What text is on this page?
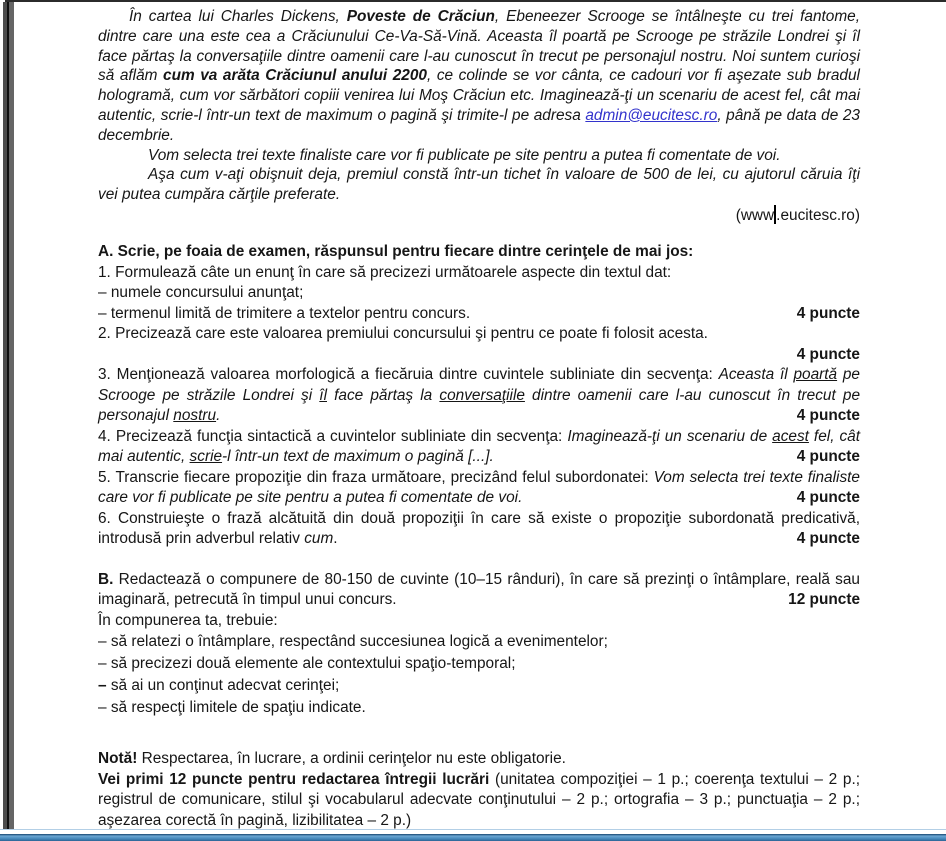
În cartea lui Charles Dickens, Poveste de Crăciun, Ebeneezer Scrooge se întâlneşte cu trei fantome, dintre care una este cea a Crăciunului Ce-Va-Să-Vină. Aceasta îl poartă pe Scrooge pe străzile Londrei şi îl face părtaş la conversaţiile dintre oamenii care l-au cunoscut în trecut pe personajul nostru. Noi suntem curioşi să aflăm cum va arăta Crăciunul anului 2200, ce colinde se vor cânta, ce cadouri vor fi aşezate sub bradul hologramă, cum vor sărbători copiii venirea lui Moş Crăciun etc. Imaginează-ţi un scenariu de acest fel, cât mai autentic, scrie-l într-un text de maximum o pagină şi trimite-l pe adresa admin@eucitesc.ro, până pe data de 23 decembrie.
Vom selecta trei texte finaliste care vor fi publicate pe site pentru a putea fi comentate de voi.
Aşa cum v-aţi obişnuit deja, premiul constă într-un tichet în valoare de 500 de lei, cu ajutorul căruia îţi vei putea cumpăra cărţile preferate.
(www .eucitesc.ro)
A. Scrie, pe foaia de examen, răspunsul pentru fiecare dintre cerinţele de mai jos:
1. Formulează câte un enunţ în care să precizezi următoarele aspecte din textul dat:
– numele concursului anunţat;
– termenul limită de trimitere a textelor pentru concurs.	4 puncte
2. Precizează care este valoarea premiului concursului şi pentru ce poate fi folosit acesta.
4 puncte
3. Menţionează valoarea morfologică a fiecăruia dintre cuvintele subliniate din secvenţa: Aceasta îl poartă pe Scrooge pe străzile Londrei şi îl face părtaş la conversaţiile dintre oamenii care l-au cunoscut în trecut pe personajul nostru.	4 puncte
4. Precizează funcţia sintactică a cuvintelor subliniate din secvenţa: Imaginează-ţi un scenariu de acest fel, cât mai autentic, scrie-l într-un text de maximum o pagină [...].	4 puncte
5. Transcrie fiecare propoziţie din fraza următoare, precizând felul subordonatei: Vom selecta trei texte finaliste care vor fi publicate pe site pentru a putea fi comentate de voi.	4 puncte
6. Construieşte o frază alcătuită din două propoziţii în care să existe o propoziţie subordonată predicativă, introdusă prin adverbul relativ cum.	4 puncte
B. Redactează o compunere de 80-150 de cuvinte (10–15 rânduri), în care să prezinţi o întâmplare, reală sau imaginară, petrecută în timpul unui concurs.	12 puncte
În compunerea ta, trebuie:
– să relatezi o întâmplare, respectând succesiunea logică a evenimentelor;
– să precizezi două elemente ale contextului spaţio-temporal;
– să ai un conţinut adecvat cerinţei;
– să respecţi limitele de spaţiu indicate.
Notă! Respectarea, în lucrare, a ordinii cerinţelor nu este obligatorie.
Vei primi 12 puncte pentru redactarea întregii lucrări (unitatea compoziţiei – 1 p.; coerenţa textului – 2 p.; registrul de comunicare, stilul şi vocabularul adecvate conţinutului – 2 p.; ortografia – 3 p.; punctuaţia – 2 p.; aşezarea corectă în pagină, lizibilitatea – 2 p.)
